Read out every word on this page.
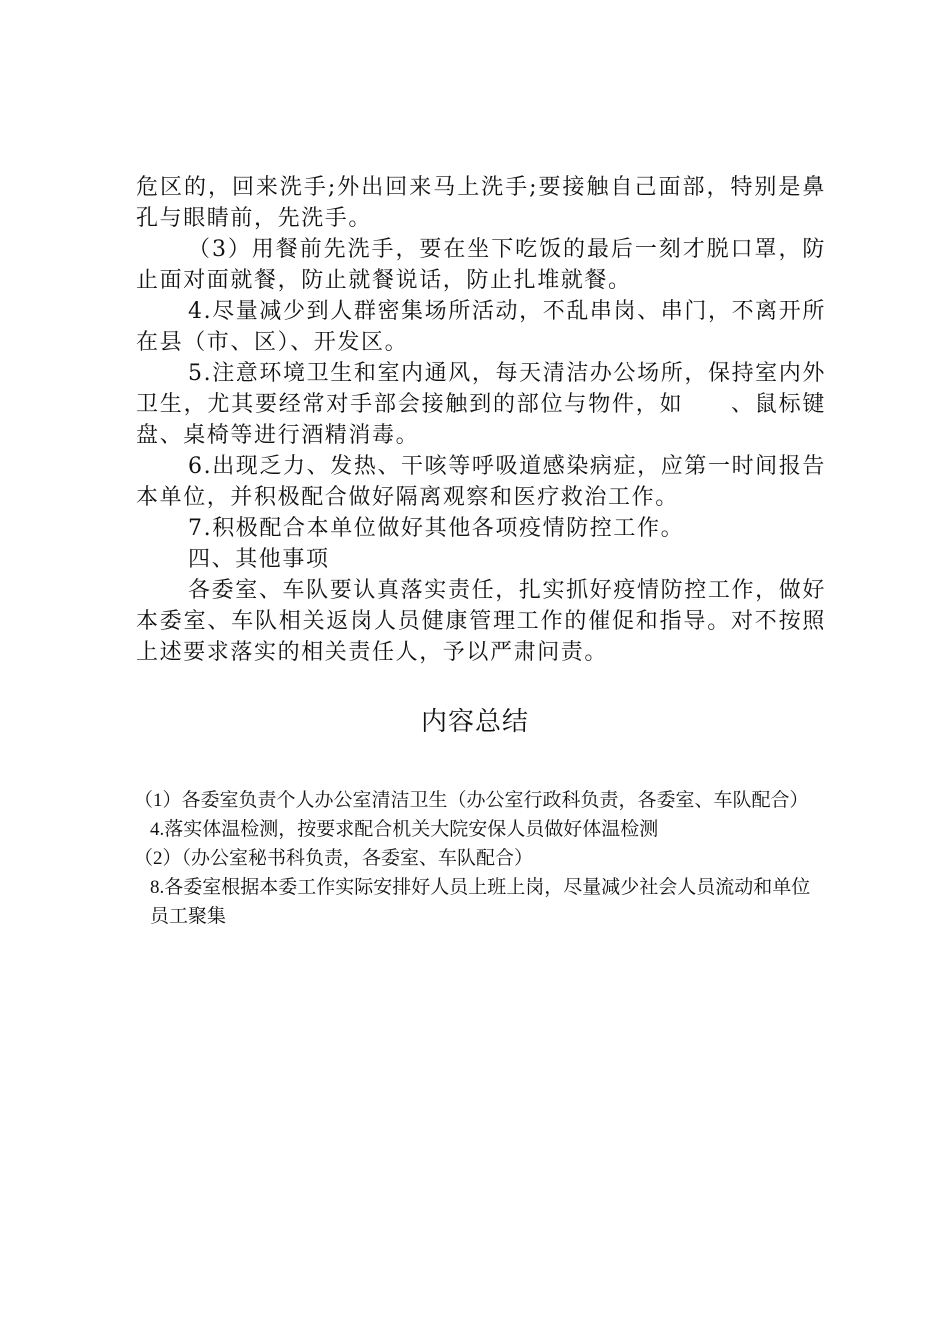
危区的，回来洗手;外出回来马上洗手;要接触自己面部，特别是鼻孔与眼睛前，先洗手。

（3）用餐前先洗手，要在坐下吃饭的最后一刻才脱口罩，防止面对面就餐，防止就餐说话，防止扎堆就餐。

4.尽量减少到人群密集场所活动，不乱串岗、串门，不离开所在县（市、区）、开发区。

5.注意环境卫生和室内通风，每天清洁办公场所，保持室内外卫生，尤其要经常对手部会接触到的部位与物件，如　　、鼠标键盘、桌椅等进行酒精消毒。

6.出现乏力、发热、干咳等呼吸道感染病症，应第一时间报告本单位，并积极配合做好隔离观察和医疗救治工作。

7.积极配合本单位做好其他各项疫情防控工作。

四、其他事项

各委室、车队要认真落实责任，扎实抓好疫情防控工作，做好本委室、车队相关返岗人员健康管理工作的催促和指导。对不按照上述要求落实的相关责任人，予以严肃问责。

内容总结

（1）各委室负责个人办公室清洁卫生（办公室行政科负责，各委室、车队配合）

4.落实体温检测，按要求配合机关大院安保人员做好体温检测

（2）（办公室秘书科负责，各委室、车队配合）

8.各委室根据本委工作实际安排好人员上班上岗，尽量减少社会人员流动和单位员工聚集
